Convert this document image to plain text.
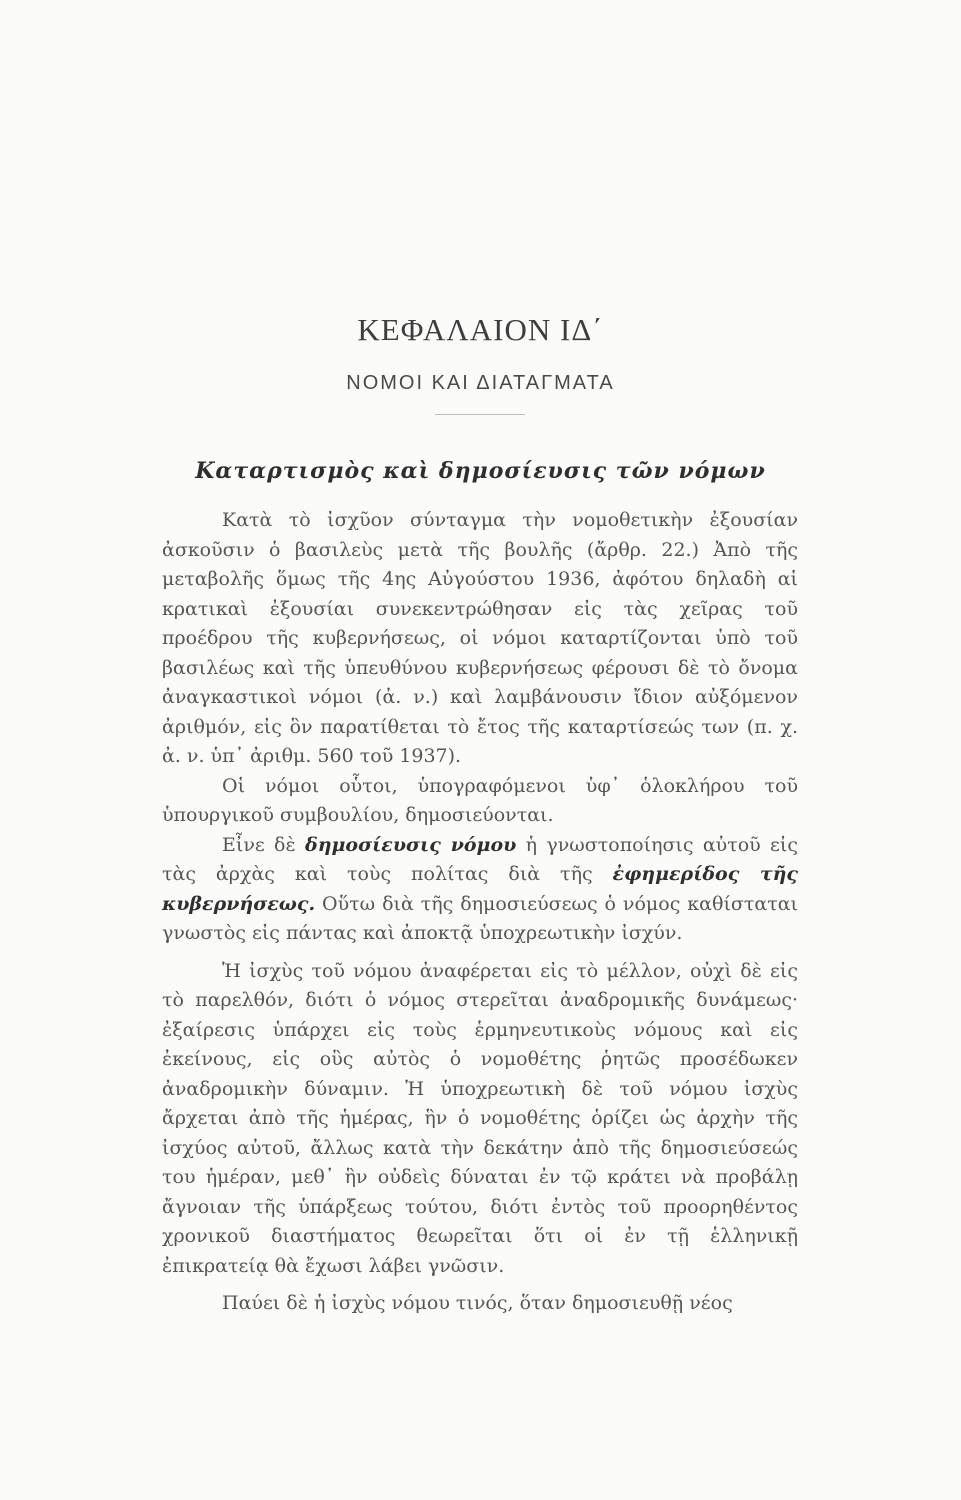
ΚΕΦΑΛΑΙΟΝ ΙΔ΄
ΝΟΜΟΙ ΚΑΙ ΔΙΑΤΑΓΜΑΤΑ
Καταρτισμὸς καὶ δημοσίευσις τῶν νόμων

Κατὰ τὸ ἰσχῦον σύνταγμα τὴν νομοθετικὴν ἐξουσίαν ἀσκοῦσιν ὁ βασιλεὺς μετὰ τῆς βουλῆς (ἄρθρ. 22.) Ἀπὸ τῆς μεταβολῆς ὅμως τῆς 4ης Αὐγούστου 1936, ἀφότου δηλαδὴ αἱ κρατικαὶ ἐξουσίαι συνεκεντρώθησαν εἰς τὰς χεῖρας τοῦ προέδρου τῆς κυβερνήσεως, οἱ νόμοι καταρτίζονται ὑπὸ τοῦ βασιλέως καὶ τῆς ὑπευθύνου κυβερνήσεως φέρουσι δὲ τὸ ὄνομα ἀναγκαστικοὶ νόμοι (ἀ. ν.) καὶ λαμβάνουσιν ἴδιον αὐξόμενον ἀριθμόν, εἰς ὃν παρατίθεται τὸ ἔτος τῆς καταρτίσεώς των (π. χ. ἀ. ν. ὑπ᾽ ἀριθμ. 560 τοῦ 1937).

Οἱ νόμοι οὗτοι, ὑπογραφόμενοι ὑφ᾽ ὁλοκλήρου τοῦ ὑπουργικοῦ συμβουλίου, δημοσιεύονται.

Εἶνε δὲ δημοσίευσις νόμου ἡ γνωστοποίησις αὐτοῦ εἰς τὰς ἀρχὰς καὶ τοὺς πολίτας διὰ τῆς ἐφημερίδος τῆς κυβερνήσεως. Οὕτω διὰ τῆς δημοσιεύσεως ὁ νόμος καθίσταται γνωστὸς εἰς πάντας καὶ ἀποκτᾷ ὑποχρεωτικὴν ἰσχύν.

Ἡ ἰσχὺς τοῦ νόμου ἀναφέρεται εἰς τὸ μέλλον, οὐχὶ δὲ εἰς τὸ παρελθόν, διότι ὁ νόμος στερεῖται ἀναδρομικῆς δυνάμεως· ἐξαίρεσις ὑπάρχει εἰς τοὺς ἑρμηνευτικοὺς νόμους καὶ εἰς ἐκείνους, εἰς οὓς αὐτὸς ὁ νομοθέτης ῥητῶς προσέδωκεν ἀναδρομικὴν δύναμιν. Ἡ ὑποχρεωτικὴ δὲ τοῦ νόμου ἰσχὺς ἄρχεται ἀπὸ τῆς ἡμέρας, ἣν ὁ νομοθέτης ὁρίζει ὡς ἀρχὴν τῆς ἰσχύος αὐτοῦ, ἄλλως κατὰ τὴν δεκάτην ἀπὸ τῆς δημοσιεύσεώς του ἡμέραν, μεθ᾽ ἣν οὐδεὶς δύναται ἐν τῷ κράτει νὰ προβάλῃ ἄγνοιαν τῆς ὑπάρξεως τούτου, διότι ἐντὸς τοῦ προορηθέντος χρονικοῦ διαστήματος θεωρεῖται ὅτι οἱ ἐν τῇ ἑλληνικῇ ἐπικρατείᾳ θὰ ἔχωσι λάβει γνῶσιν.

Παύει δὲ ἡ ἰσχὺς νόμου τινός, ὅταν δημοσιευθῇ νέος
